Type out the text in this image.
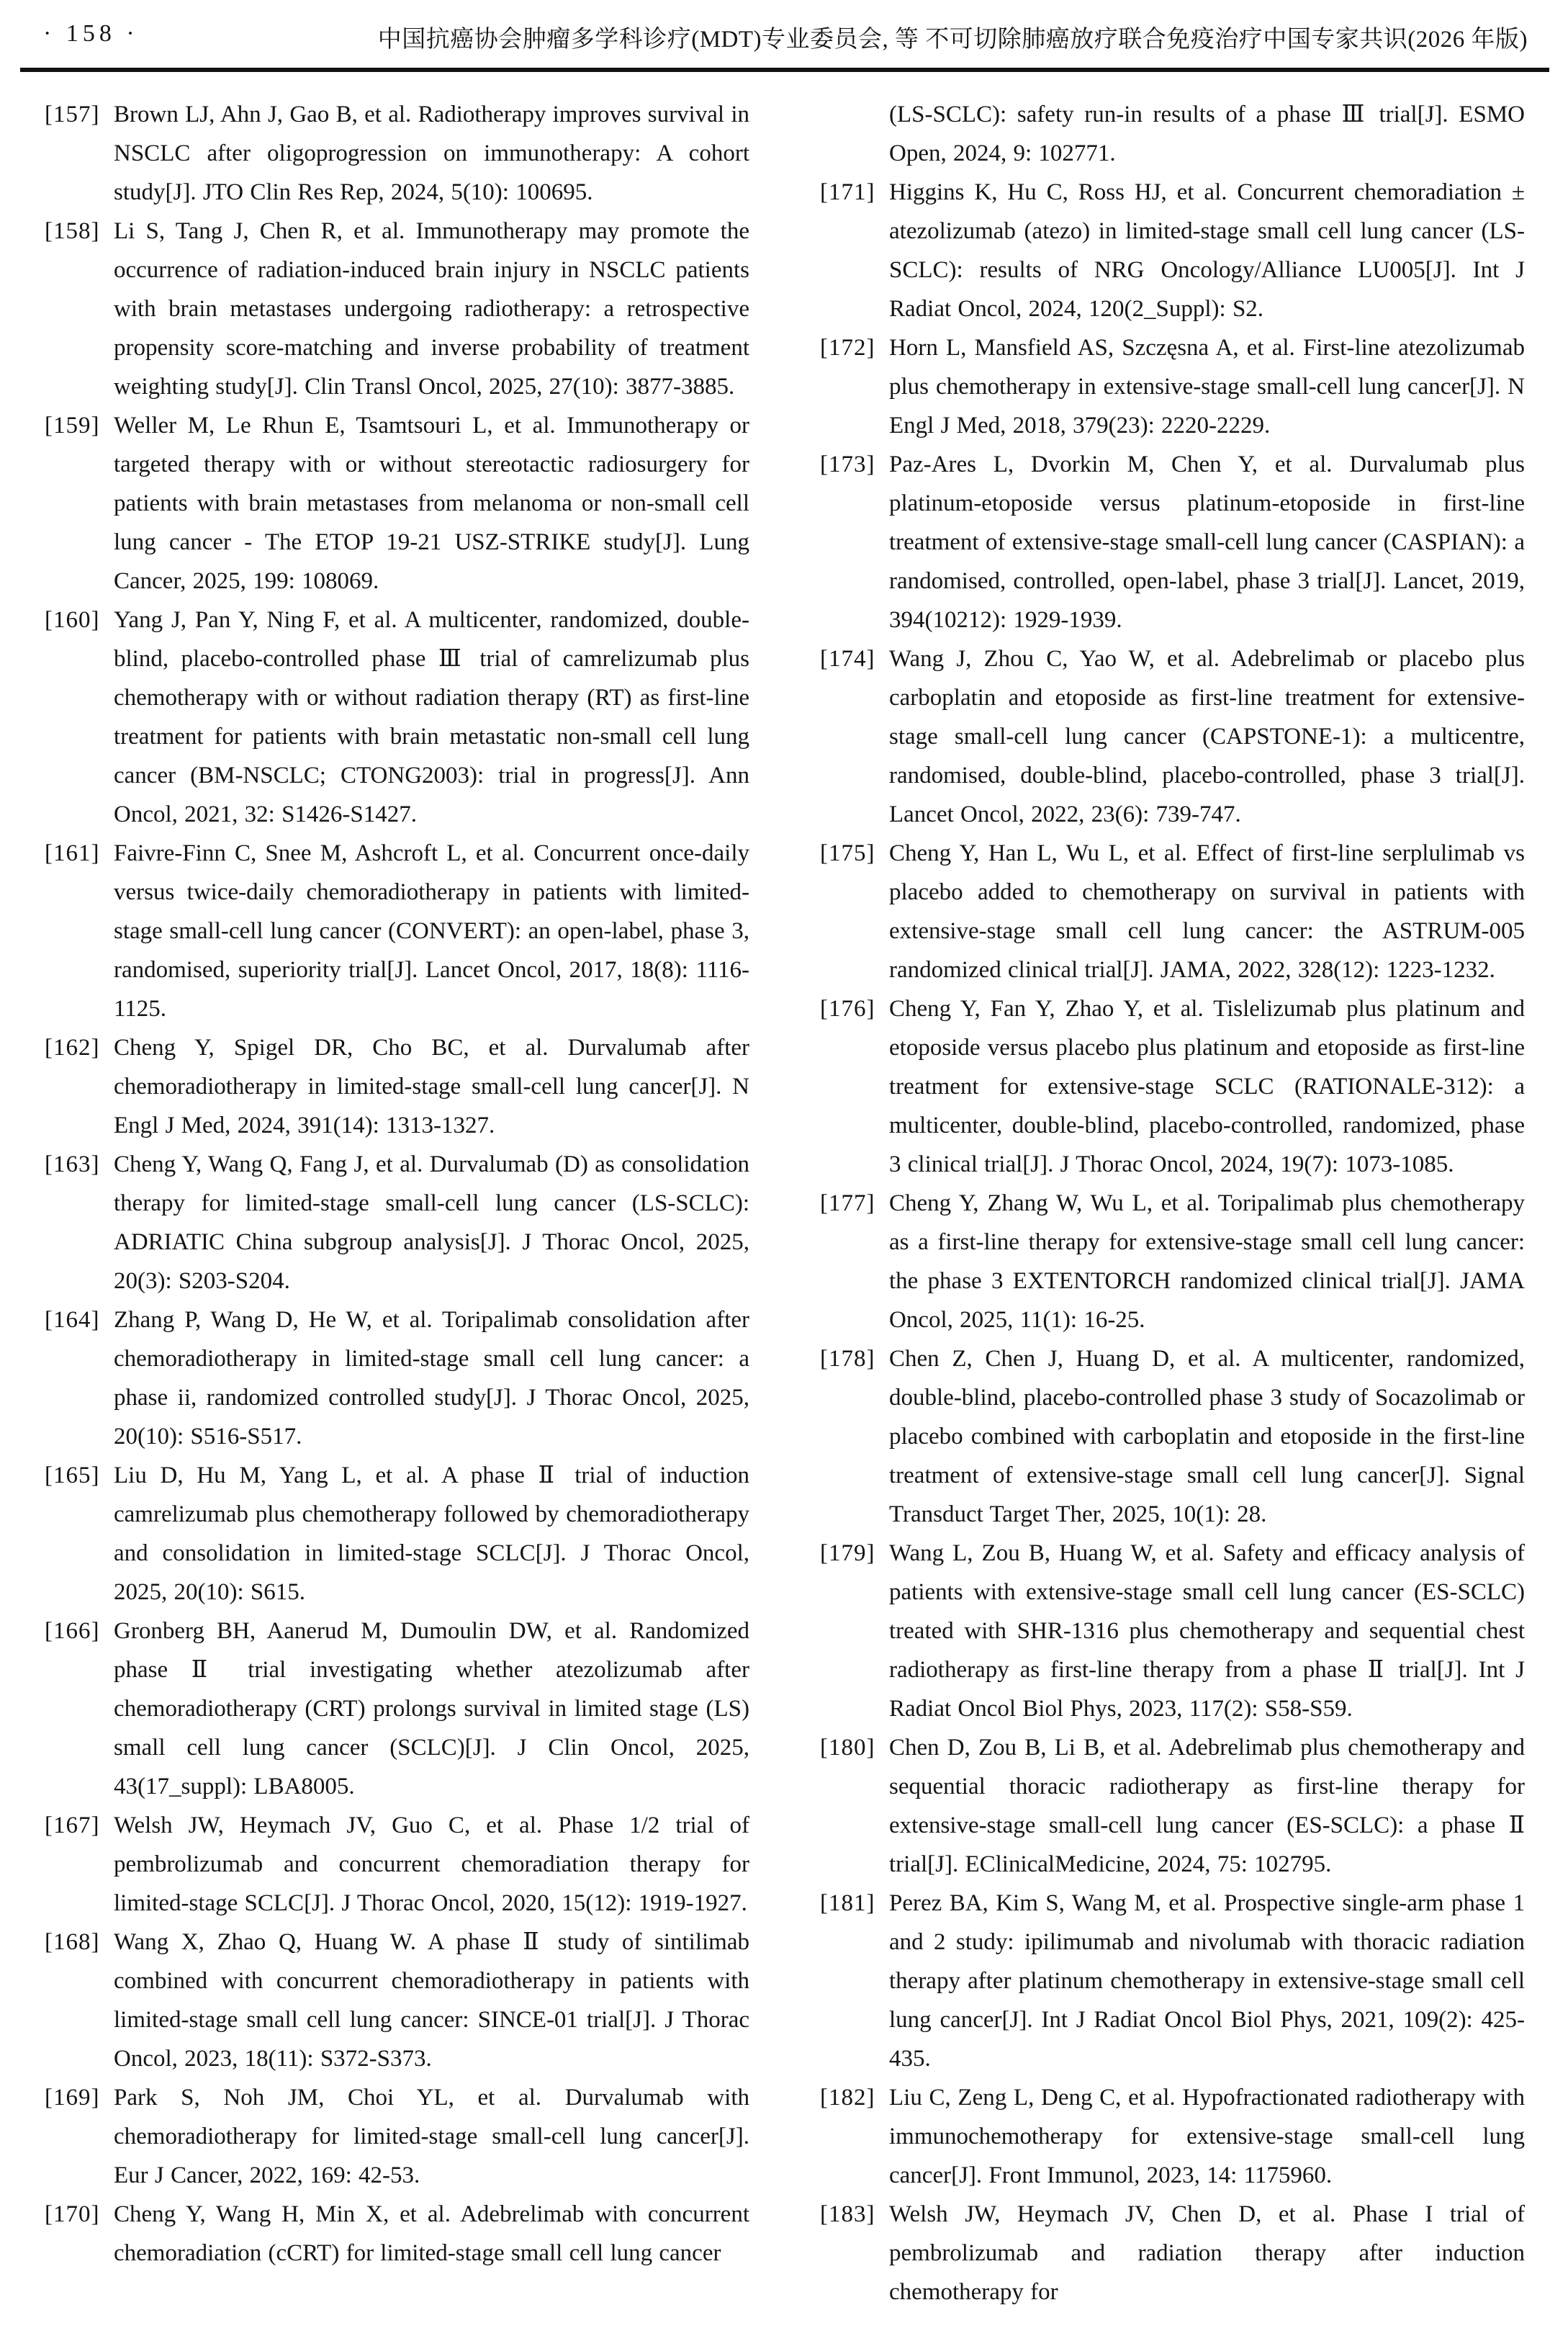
· 158 ·	中国抗癌协会肿瘤多学科诊疗(MDT)专业委员会, 等 不可切除肺癌放疗联合免疫治疗中国专家共识(2026 年版)
[157] Brown LJ, Ahn J, Gao B, et al. Radiotherapy improves survival in NSCLC after oligoprogression on immunotherapy: A cohort study[J]. JTO Clin Res Rep, 2024, 5(10): 100695.
[158] Li S, Tang J, Chen R, et al. Immunotherapy may promote the occurrence of radiation-induced brain injury in NSCLC patients with brain metastases undergoing radiotherapy: a retrospective propensity score-matching and inverse probability of treatment weighting study[J]. Clin Transl Oncol, 2025, 27(10): 3877-3885.
[159] Weller M, Le Rhun E, Tsamtsouri L, et al. Immunotherapy or targeted therapy with or without stereotactic radiosurgery for patients with brain metastases from melanoma or non-small cell lung cancer - The ETOP 19-21 USZ-STRIKE study[J]. Lung Cancer, 2025, 199: 108069.
[160] Yang J, Pan Y, Ning F, et al. A multicenter, randomized, double-blind, placebo-controlled phase Ⅲ trial of camrelizumab plus chemotherapy with or without radiation therapy (RT) as first-line treatment for patients with brain metastatic non-small cell lung cancer (BM-NSCLC; CTONG2003): trial in progress[J]. Ann Oncol, 2021, 32: S1426-S1427.
[161] Faivre-Finn C, Snee M, Ashcroft L, et al. Concurrent once-daily versus twice-daily chemoradiotherapy in patients with limited-stage small-cell lung cancer (CONVERT): an open-label, phase 3, randomised, superiority trial[J]. Lancet Oncol, 2017, 18(8): 1116-1125.
[162] Cheng Y, Spigel DR, Cho BC, et al. Durvalumab after chemoradiotherapy in limited-stage small-cell lung cancer[J]. N Engl J Med, 2024, 391(14): 1313-1327.
[163] Cheng Y, Wang Q, Fang J, et al. Durvalumab (D) as consolidation therapy for limited-stage small-cell lung cancer (LS-SCLC): ADRIATIC China subgroup analysis[J]. J Thorac Oncol, 2025, 20(3): S203-S204.
[164] Zhang P, Wang D, He W, et al. Toripalimab consolidation after chemoradiotherapy in limited-stage small cell lung cancer: a phase ii, randomized controlled study[J]. J Thorac Oncol, 2025, 20(10): S516-S517.
[165] Liu D, Hu M, Yang L, et al. A phase Ⅱ trial of induction camrelizumab plus chemotherapy followed by chemoradiotherapy and consolidation in limited-stage SCLC[J]. J Thorac Oncol, 2025, 20(10): S615.
[166] Gronberg BH, Aanerud M, Dumoulin DW, et al. Randomized phase Ⅱ trial investigating whether atezolizumab after chemoradiotherapy (CRT) prolongs survival in limited stage (LS) small cell lung cancer (SCLC)[J]. J Clin Oncol, 2025, 43(17_suppl): LBA8005.
[167] Welsh JW, Heymach JV, Guo C, et al. Phase 1/2 trial of pembrolizumab and concurrent chemoradiation therapy for limited-stage SCLC[J]. J Thorac Oncol, 2020, 15(12): 1919-1927.
[168] Wang X, Zhao Q, Huang W. A phase Ⅱ study of sintilimab combined with concurrent chemoradiotherapy in patients with limited-stage small cell lung cancer: SINCE-01 trial[J]. J Thorac Oncol, 2023, 18(11): S372-S373.
[169] Park S, Noh JM, Choi YL, et al. Durvalumab with chemoradiotherapy for limited-stage small-cell lung cancer[J]. Eur J Cancer, 2022, 169: 42-53.
[170] Cheng Y, Wang H, Min X, et al. Adebrelimab with concurrent chemoradiation (cCRT) for limited-stage small cell lung cancer
(LS-SCLC): safety run-in results of a phase Ⅲ trial[J]. ESMO Open, 2024, 9: 102771.
[171] Higgins K, Hu C, Ross HJ, et al. Concurrent chemoradiation ± atezolizumab (atezo) in limited-stage small cell lung cancer (LS-SCLC): results of NRG Oncology/Alliance LU005[J]. Int J Radiat Oncol, 2024, 120(2_Suppl): S2.
[172] Horn L, Mansfield AS, Szczęsna A, et al. First-line atezolizumab plus chemotherapy in extensive-stage small-cell lung cancer[J]. N Engl J Med, 2018, 379(23): 2220-2229.
[173] Paz-Ares L, Dvorkin M, Chen Y, et al. Durvalumab plus platinum-etoposide versus platinum-etoposide in first-line treatment of extensive-stage small-cell lung cancer (CASPIAN): a randomised, controlled, open-label, phase 3 trial[J]. Lancet, 2019, 394(10212): 1929-1939.
[174] Wang J, Zhou C, Yao W, et al. Adebrelimab or placebo plus carboplatin and etoposide as first-line treatment for extensive-stage small-cell lung cancer (CAPSTONE-1): a multicentre, randomised, double-blind, placebo-controlled, phase 3 trial[J]. Lancet Oncol, 2022, 23(6): 739-747.
[175] Cheng Y, Han L, Wu L, et al. Effect of first-line serplulimab vs placebo added to chemotherapy on survival in patients with extensive-stage small cell lung cancer: the ASTRUM-005 randomized clinical trial[J]. JAMA, 2022, 328(12): 1223-1232.
[176] Cheng Y, Fan Y, Zhao Y, et al. Tislelizumab plus platinum and etoposide versus placebo plus platinum and etoposide as first-line treatment for extensive-stage SCLC (RATIONALE-312): a multicenter, double-blind, placebo-controlled, randomized, phase 3 clinical trial[J]. J Thorac Oncol, 2024, 19(7): 1073-1085.
[177] Cheng Y, Zhang W, Wu L, et al. Toripalimab plus chemotherapy as a first-line therapy for extensive-stage small cell lung cancer: the phase 3 EXTENTORCH randomized clinical trial[J]. JAMA Oncol, 2025, 11(1): 16-25.
[178] Chen Z, Chen J, Huang D, et al. A multicenter, randomized, double-blind, placebo-controlled phase 3 study of Socazolimab or placebo combined with carboplatin and etoposide in the first-line treatment of extensive-stage small cell lung cancer[J]. Signal Transduct Target Ther, 2025, 10(1): 28.
[179] Wang L, Zou B, Huang W, et al. Safety and efficacy analysis of patients with extensive-stage small cell lung cancer (ES-SCLC) treated with SHR-1316 plus chemotherapy and sequential chest radiotherapy as first-line therapy from a phase Ⅱ trial[J]. Int J Radiat Oncol Biol Phys, 2023, 117(2): S58-S59.
[180] Chen D, Zou B, Li B, et al. Adebrelimab plus chemotherapy and sequential thoracic radiotherapy as first-line therapy for extensive-stage small-cell lung cancer (ES-SCLC): a phase Ⅱ trial[J]. EClinicalMedicine, 2024, 75: 102795.
[181] Perez BA, Kim S, Wang M, et al. Prospective single-arm phase 1 and 2 study: ipilimumab and nivolumab with thoracic radiation therapy after platinum chemotherapy in extensive-stage small cell lung cancer[J]. Int J Radiat Oncol Biol Phys, 2021, 109(2): 425-435.
[182] Liu C, Zeng L, Deng C, et al. Hypofractionated radiotherapy with immunochemotherapy for extensive-stage small-cell lung cancer[J]. Front Immunol, 2023, 14: 1175960.
[183] Welsh JW, Heymach JV, Chen D, et al. Phase I trial of pembrolizumab and radiation therapy after induction chemotherapy for
